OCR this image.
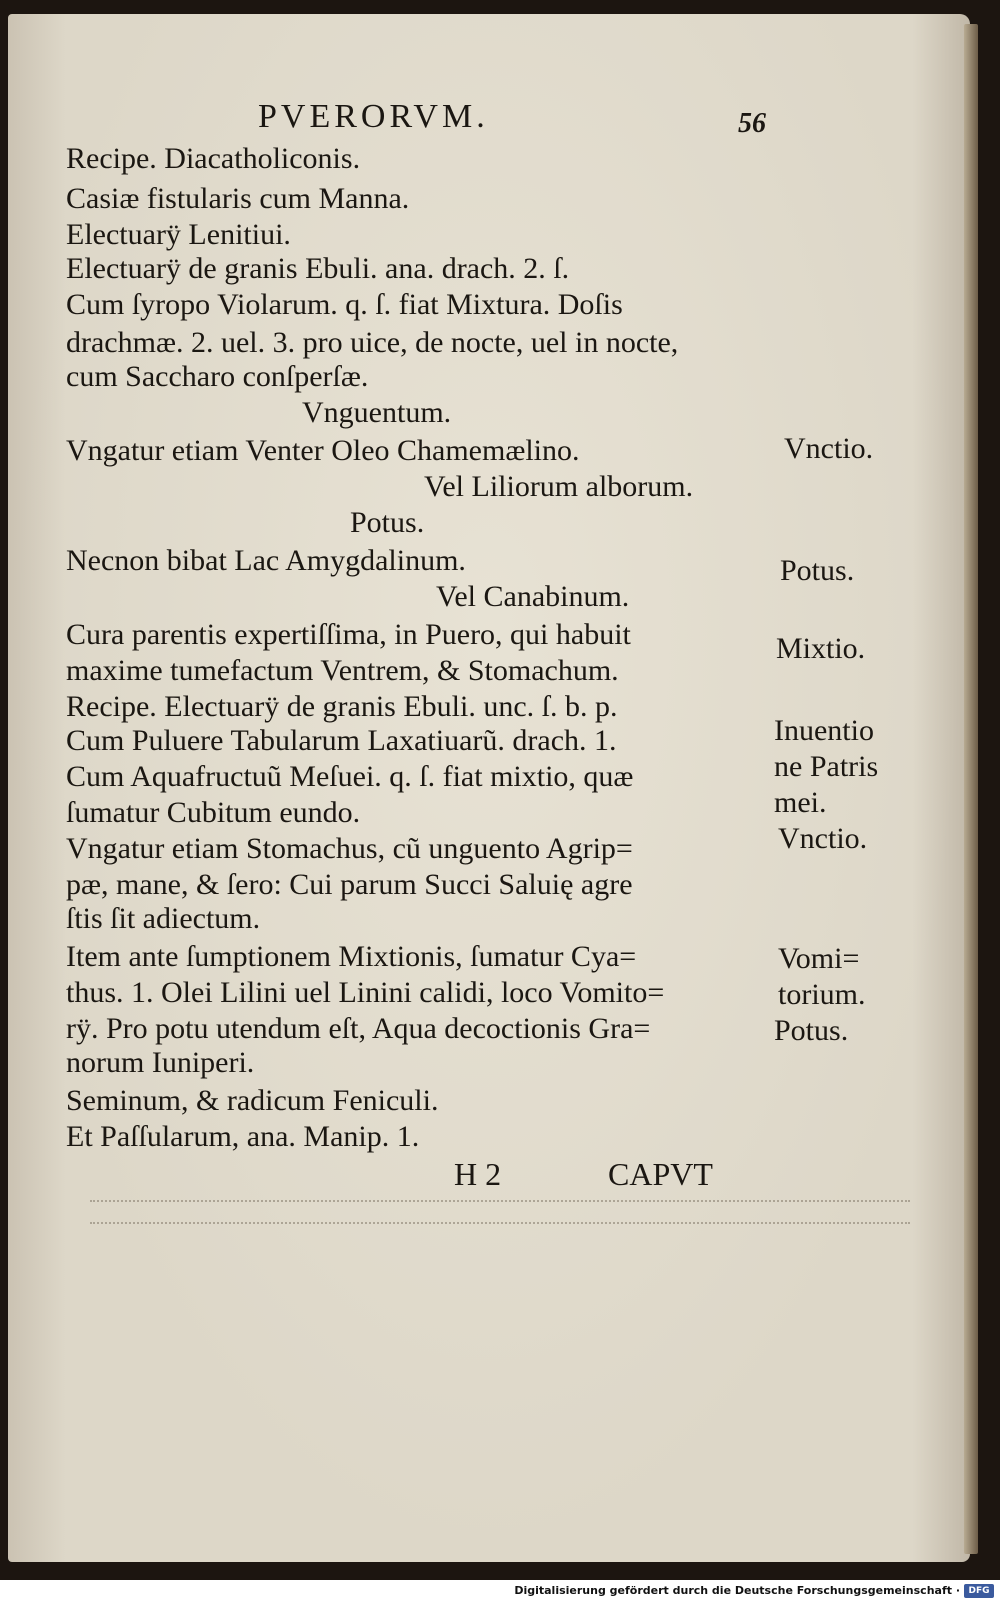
PVERORVM.	56
Recipe. Diacatholiconis.
Casiæ fistularis cum Manna.
Electuarÿ Lenitiui.
Electuarÿ de granis Ebuli. ana. drach. 2. ſ.
Cum ſyropo Violarum. q. ſ. fiat Mixtura. Doſis
drachmæ. 2. uel. 3. pro uice, de nocte, uel in nocte,
cum Saccharo conſperſæ.
Vnguentum.
Vngatur etiam Venter Oleo Chamemælino.
Vel Liliorum alborum.
Potus.
Necnon bibat Lac Amygdalinum.
Vel Canabinum.
Cura parentis expertiſſima, in Puero, qui habuit
maxime tumefactum Ventrem, & Stomachum.
Recipe. Electuarÿ de granis Ebuli. unc. ſ. b. p.
Cum Puluere Tabularum Laxatiuarũ. drach. 1.
Cum Aquafructuũ Meſuei. q. ſ. fiat mixtio, quæ
ſumatur Cubitum eundo.
Vngatur etiam Stomachus, cũ unguento Agrip=
pæ, mane, & ſero: Cui parum Succi Saluię agre
ſtis ſit adiectum.
Item ante ſumptionem Mixtionis, ſumatur Cya=
thus. 1. Olei Lilini uel Linini calidi, loco Vomito=
rÿ. Pro potu utendum eſt, Aqua decoctionis Gra=
norum Iuniperi.
Seminum, & radicum Feniculi.
Et Paſſularum, ana. Manip. 1.
Vnctio.
Potus.
Mixtio.
Inuentio
ne Patris
mei.
Vnctio.
Vomi=
torium.
Potus.
H 2	CAPVT
Digitalisierung gefördert durch die Deutsche Forschungsgemeinschaft · DFG
